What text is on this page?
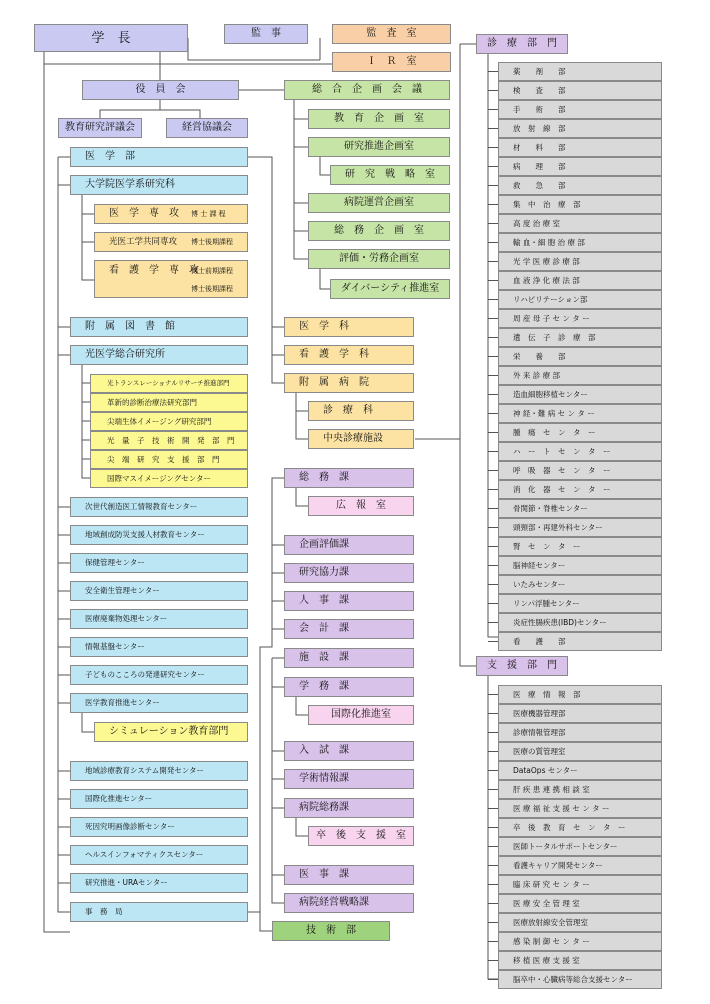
学　長	監　事	監　査　室
Ｉ　Ｒ　室
役　員　会
教育研究評議会	経営協議会
総　合　企　画　会　議
教　育　企　画　室
研究推進企画室
病院運営企画室
総　務　企　画　室
評価・労務企画室
研　究　戦　略　室
ダイバーシティ推進室
医　学　部
大学院医学系研究科
医　学　専　攻 博 士 課 程
光医工学共同専攻 博士後期課程
看　護　学　専　攻
博士前期課程
博士後期課程
医　学　科
看　護　学　科
附　属　病　院
診　療　科
中央診療施設
附　属　図　書　館
光医学総合研究所
光トランスレーショナルリサーチ推進部門
革新的診断治療法研究部門
尖端生体イメージング研究部門
光　量　子　技　術　開　発　部　門
尖　端　研　究　支　援　部　門
国際マスイメージングセンター
次世代創造医工情報教育センター
地域創成防災支援人材教育センター
保健管理センター
安全衛生管理センター
医療廃棄物処理センター
情報基盤センター
子どものこころの発達研究センター
医学教育推進センター
シミュレーション教育部門
地域診療教育システム開発センター
国際化推進センター
死因究明画像診断センター
ヘルスインフォマティクスセンター
研究推進・URAセンター
事　務　局
総　務　課
企画評価課
研究協力課
人　事　課
会　計　課
施　設　課
学　務　課
入　試　課
学術情報課
病院総務課
医　事　課
病院経営戦略課
広　報　室
国際化推進室
卒　後　支　援　室
技　術　部
診　療　部　門
薬　　剤　　部
検　　査　　部
手　　術　　部
放　射　線　部
材　　料　　部
病　　理　　部
救　　急　　部
集　中　治　療　部
高 度 治 療 室
輸 血・細 胞 治 療 部
光 学 医 療 診 療 部
血 液 浄 化 療 法 部
リハビリテーション部
周 産 母 子 セ ン タ ー
遺　伝　子　診　療　部
栄　　養　　部
外 来 診 療 部
造血細胞移植センター
神 経・難 病 セ ン タ ー
腫　瘍　セ　ン　タ　ー
ハ　ー　ト　セ　ン　タ　ー
呼　吸　器　セ　ン　タ　ー
消　化　器　セ　ン　タ　ー
骨関節・脊椎センター
頭頸部・再建外科センター
腎　セ　ン　タ　ー
脳神経センター
いたみセンター
リンパ浮腫センター
炎症性腸疾患(IBD)センター
看　　護　　部
支　援　部　門
医　療　情　報　部
医療機器管理部
診療情報管理部
医療の質管理室
DataOps センター
肝 疾 患 連 携 相 談 室
医 療 福 祉 支 援 セ ン タ ー
卒　後　教　育　セ　ン　タ　ー
医師トータルサポートセンター
看護キャリア開発センター
臨 床 研 究 セ ン タ ー
医 療 安 全 管 理 室
医療放射線安全管理室
感 染 制 御 セ ン タ ー
移 植 医 療 支 援 室
脳卒中・心臓病等総合支援センター
